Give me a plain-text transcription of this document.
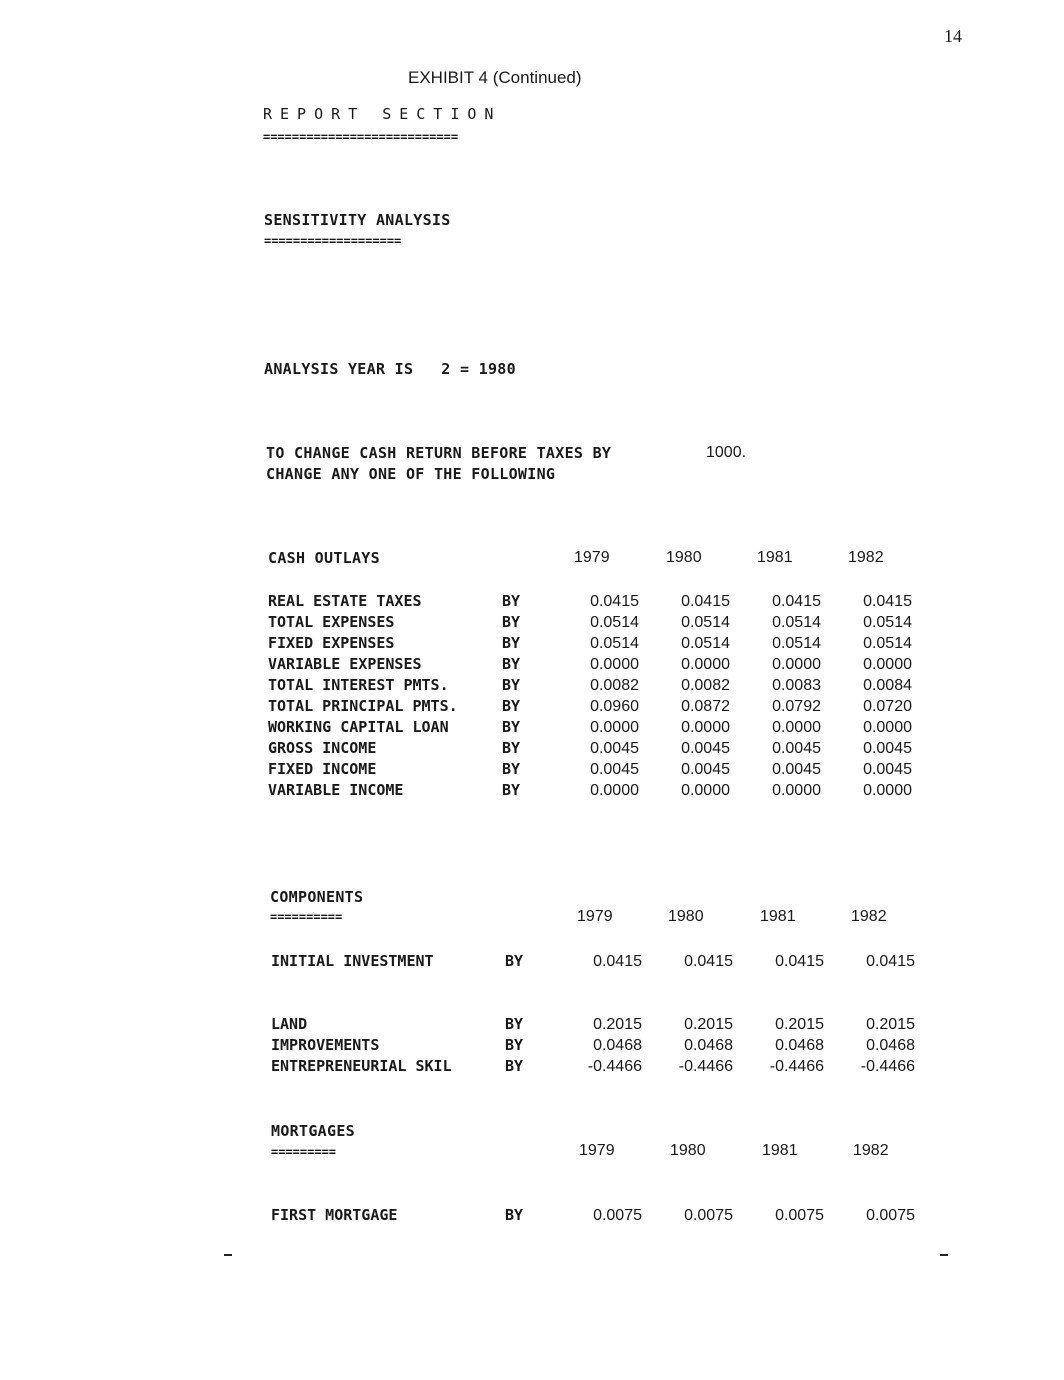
14
EXHIBIT 4 (Continued)
REPORT SECTION
===========================
SENSITIVITY ANALYSIS
===================
ANALYSIS YEAR IS   2 = 1980
TO CHANGE CASH RETURN BEFORE TAXES BY	1000.
CHANGE ANY ONE OF THE FOLLOWING
CASH OUTLAYS	1979	1980	1981	1982
REAL ESTATE TAXES	BY	0.0415	0.0415	0.0415	0.0415
TOTAL EXPENSES	BY	0.0514	0.0514	0.0514	0.0514
FIXED EXPENSES	BY	0.0514	0.0514	0.0514	0.0514
VARIABLE EXPENSES	BY	0.0000	0.0000	0.0000	0.0000
TOTAL INTEREST PMTS.	BY	0.0082	0.0082	0.0083	0.0084
TOTAL PRINCIPAL PMTS.	BY	0.0960	0.0872	0.0792	0.0720
WORKING CAPITAL LOAN	BY	0.0000	0.0000	0.0000	0.0000
GROSS INCOME	BY	0.0045	0.0045	0.0045	0.0045
FIXED INCOME	BY	0.0045	0.0045	0.0045	0.0045
VARIABLE INCOME	BY	0.0000	0.0000	0.0000	0.0000
COMPONENTS
==========	1979	1980	1981	1982
INITIAL INVESTMENT	BY	0.0415	0.0415	0.0415	0.0415
LAND	BY	0.2015	0.2015	0.2015	0.2015
IMPROVEMENTS	BY	0.0468	0.0468	0.0468	0.0468
ENTREPRENEURIAL SKIL	BY	-0.4466	-0.4466	-0.4466	-0.4466
MORTGAGES
=========	1979	1980	1981	1982
FIRST MORTGAGE	BY	0.0075	0.0075	0.0075	0.0075
